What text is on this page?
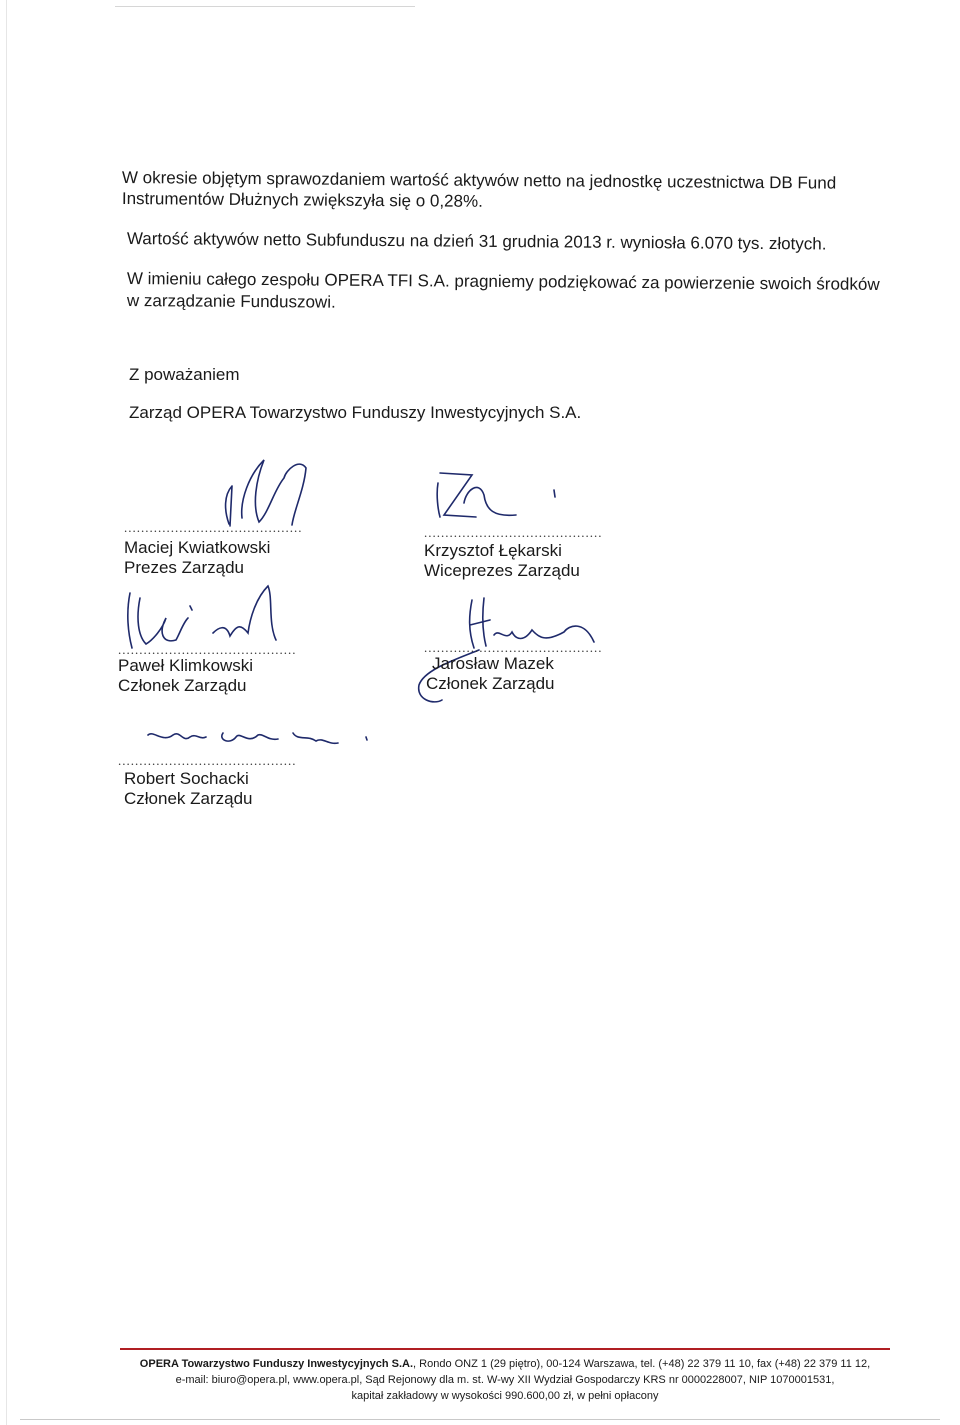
W okresie objętym sprawozdaniem wartość aktywów netto na jednostkę uczestnictwa DB Fund

Instrumentów Dłużnych zwiększyła się o 0,28%.

Wartość aktywów netto Subfunduszu na dzień 31 grudnia 2013 r. wyniosła 6.070 tys. złotych.

W imieniu całego zespołu OPERA TFI S.A. pragniemy podziękować za powierzenie swoich środków

w zarządzanie Funduszowi.

Z poważaniem

Zarząd OPERA Towarzystwo Funduszy Inwestycyjnych S.A.

..........................................
Maciej Kwiatkowski
Prezes Zarządu
..........................................
Krzysztof Łękarski
Wiceprezes Zarządu
..........................................
Paweł Klimkowski
Członek Zarządu
..........................................
Jarosław Mazek
Członek Zarządu
..........................................
Robert Sochacki
Członek Zarządu
OPERA Towarzystwo Funduszy Inwestycyjnych S.A., Rondo ONZ 1 (29 piętro), 00-124 Warszawa, tel. (+48) 22 379 11 10, fax (+48) 22 379 11 12,
e-mail: biuro@opera.pl, www.opera.pl, Sąd Rejonowy dla m. st. W-wy XII Wydział Gospodarczy KRS nr 0000228007, NIP 1070001531,
kapitał zakładowy w wysokości 990.600,00 zł, w pełni opłacony
